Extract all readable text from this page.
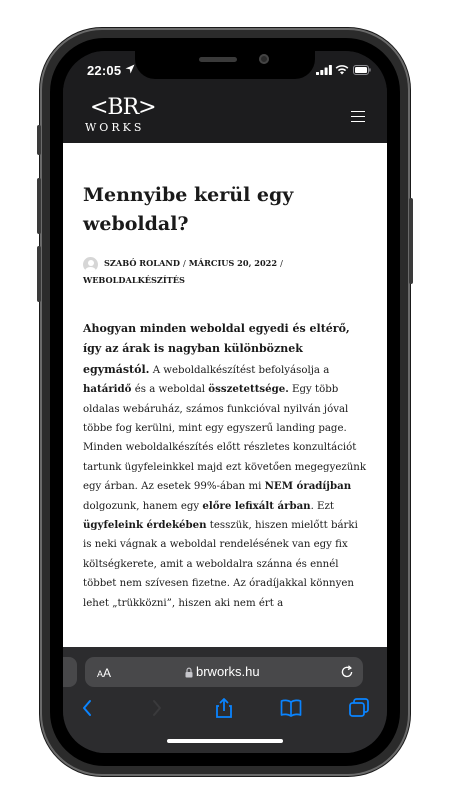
22:05
<BR>
WORKS
Mennyibe kerül egy weboldal?
SZABÓ ROLAND / MÁRCIUS 20, 2022 /
WEBOLDALKÉSZÍTÉS

Ahogyan minden weboldal egyedi és eltérő, így az árak is nagyban különböznek egymástól. A weboldalkészítést befolyásolja a határidő és a weboldal összetettsége. Egy több oldalas webáruház, számos funkcióval nyilván jóval többe fog kerülni, mint egy egyszerű landing page. Minden weboldalkészítés előtt részletes konzultációt tartunk ügyfeleinkkel majd ezt követően megegyezünk egy árban. Az esetek 99%-ában mi NEM óradíjban dolgozunk, hanem egy előre lefixált árban. Ezt ügyfeleink érdekében tesszük, hiszen mielőtt bárki is neki vágnak a weboldal rendelésének van egy fix költségkerete, amit a weboldalra szánna és ennél többet nem szívesen fizetne. Az óradíjakkal könnyen lehet „trükközni”, hiszen aki nem ért a

AA	brworks.hu
